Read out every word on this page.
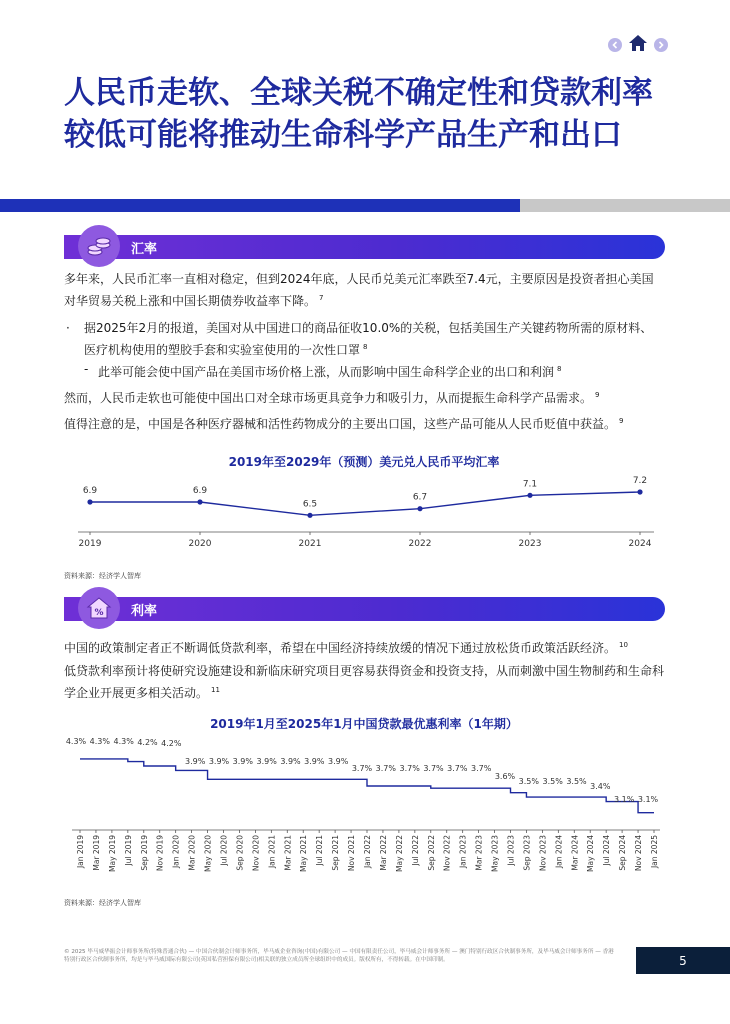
人民币走软、全球关税不确定性和贷款利率较低可能将推动生命科学产品生产和出口
汇率

多年来，人民币汇率一直相对稳定，但到2024年底，人民币兑美元汇率跌至7.4元，主要原因是投资者担心美国对华贸易关税上涨和中国长期债券收益率下降。 $^7$

· 据2025年2月的报道，美国对从中国进口的商品征收10.0%的关税，包括美国生产关键药物所需的原材料、医疗机构使用的塑胶手套和实验室使用的一次性口罩 $^8$
- 此举可能会使中国产品在美国市场价格上涨，从而影响中国生命科学企业的出口和利润 $^8$

然而，人民币走软也可能使中国出口对全球市场更具竞争力和吸引力，从而提振生命科学产品需求。 $^9$

值得注意的是，中国是各种医疗器械和活性药物成分的主要出口国，这些产品可能从人民币贬值中获益。 $^9$

2019年至2029年（预测）美元兑人民币平均汇率
6.9
2019
6.9
2020
6.5
2021
6.7
2022
7.1
2023
7.2
2024
资料来源：经济学人智库
利率
%

中国的政策制定者正不断调低贷款利率，希望在中国经济持续放缓的情况下通过放松货币政策活跃经济。 $^{10}$

低贷款利率预计将使研究设施建设和新临床研究项目更容易获得资金和投资支持，从而刺激中国生物制药和生命科学企业开展更多相关活动。 $^{11}$

2019年1月至2025年1月中国贷款最优惠利率（1年期）
4.3% 4.3% 4.3% 4.2% 4.2%
3.9% 3.9% 3.9% 3.9% 3.9% 3.9% 3.9%
3.7% 3.7% 3.7% 3.7% 3.7% 3.7%
3.6%
3.5% 3.5% 3.5%
3.4%
3.1% 3.1%
Jan 2019 Mar 2019 May 2019 Jul 2019 Sep 2019 Nov 2019 Jan 2020 Mar 2020 May 2020 Jul 2020 Sep 2020 Nov 2020 Jan 2021 Mar 2021 May 2021 Jul 2021 Sep 2021 Nov 2021 Jan 2022 Mar 2022 May 2022 Jul 2022 Sep 2022 Nov 2022 Jan 2023 Mar 2023 May 2023 Jul 2023 Sep 2023 Nov 2023 Jan 2024 Mar 2024 May 2024 Jul 2024 Sep 2024 Nov 2024 Jan 2025
资料来源：经济学人智库
© 2025 毕马威华振会计师事务所(特殊普通合伙) — 中国合伙制会计师事务所，毕马威企业咨询(中国)有限公司 — 中国有限责任公司，毕马威会计师事务所 — 澳门特别行政区合伙制事务所，及毕马威会计师事务所 — 香港特别行政区合伙制事务所，均是与毕马威国际有限公司(英国私营担保有限公司)相关联的独立成员所全球组织中的成员。版权所有，不得转载。在中国印制。	5
